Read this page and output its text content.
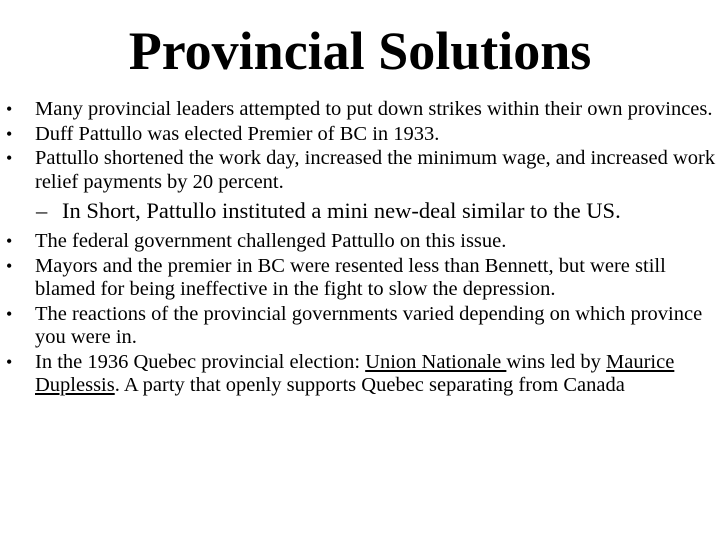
Provincial Solutions
•	Many provincial leaders attempted to put down strikes within their own provinces.
•	Duff Pattullo was elected Premier of BC in 1933.
•	Pattullo shortened the work day, increased the minimum wage, and increased work relief payments by 20 percent.
– In Short, Pattullo instituted a mini new-deal similar to the US.
•	The federal government challenged Pattullo on this issue.
•	Mayors and the premier in BC were resented less than Bennett, but were still blamed for being ineffective in the fight to slow the depression.
•	The reactions of the provincial governments varied depending on which province you were in.
•	In the 1936 Quebec provincial election: Union Nationale wins led by Maurice Duplessis. A party that openly supports Quebec separating from Canada
